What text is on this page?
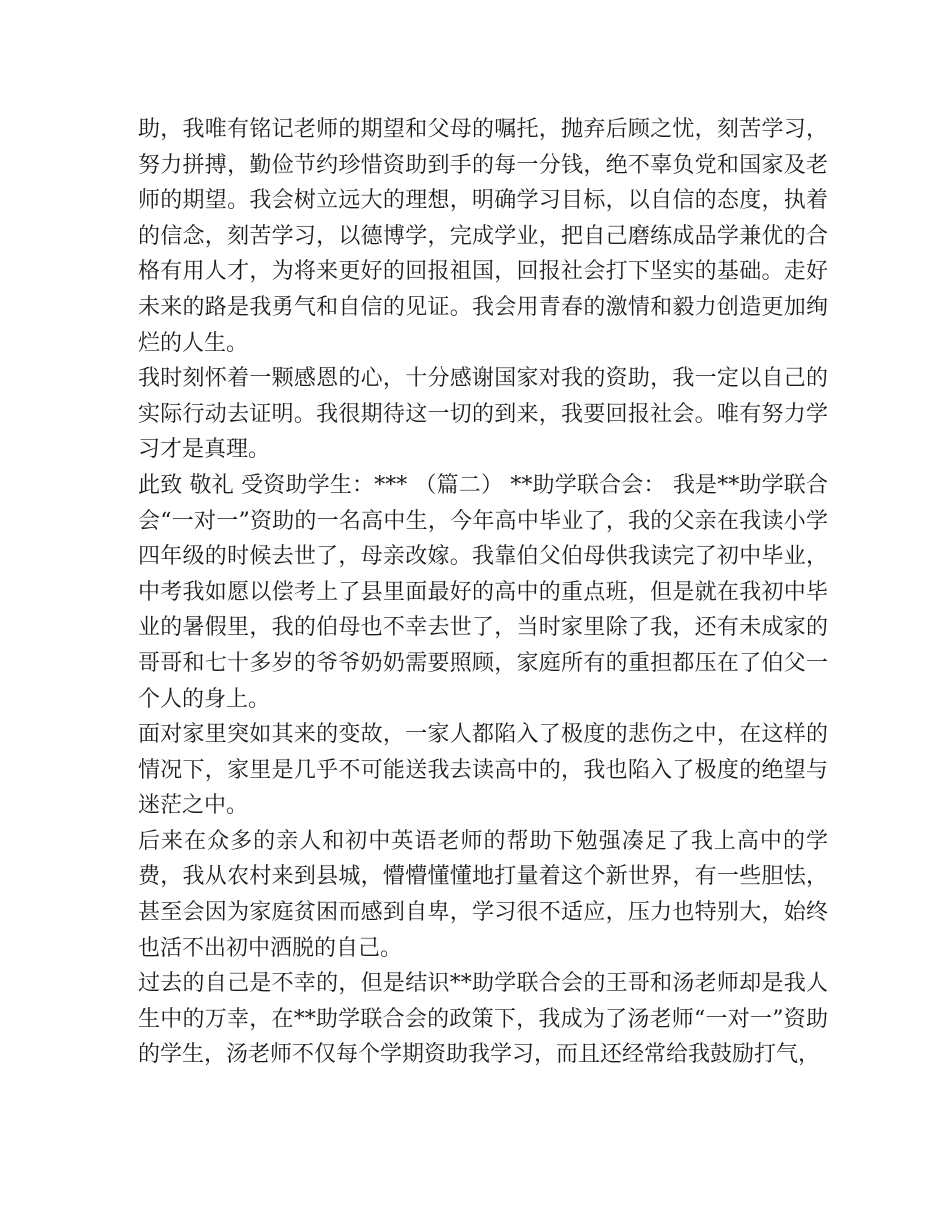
助，我唯有铭记老师的期望和父母的嘱托，抛弃后顾之忧，刻苦学习，努力拼搏，勤俭节约珍惜资助到手的每一分钱，绝不辜负党和国家及老师的期望。我会树立远大的理想，明确学习目标，以自信的态度，执着的信念，刻苦学习，以德博学，完成学业，把自己磨练成品学兼优的合格有用人才，为将来更好的回报祖国，回报社会打下坚实的基础。走好未来的路是我勇气和自信的见证。我会用青春的激情和毅力创造更加绚烂的人生。

我时刻怀着一颗感恩的心，十分感谢国家对我的资助，我一定以自己的实际行动去证明。我很期待这一切的到来，我要回报社会。唯有努力学习才是真理。

此致 敬礼 受资助学生：*** （篇二） **助学联合会： 我是**助学联合会“一对一”资助的一名高中生，今年高中毕业了，我的父亲在我读小学四年级的时候去世了，母亲改嫁。我靠伯父伯母供我读完了初中毕业，中考我如愿以偿考上了县里面最好的高中的重点班，但是就在我初中毕业的暑假里，我的伯母也不幸去世了，当时家里除了我，还有未成家的哥哥和七十多岁的爷爷奶奶需要照顾，家庭所有的重担都压在了伯父一个人的身上。

面对家里突如其来的变故，一家人都陷入了极度的悲伤之中，在这样的情况下，家里是几乎不可能送我去读高中的，我也陷入了极度的绝望与迷茫之中。

后来在众多的亲人和初中英语老师的帮助下勉强凑足了我上高中的学费，我从农村来到县城，懵懵懂懂地打量着这个新世界，有一些胆怯，甚至会因为家庭贫困而感到自卑，学习很不适应，压力也特别大，始终也活不出初中洒脱的自己。

过去的自己是不幸的，但是结识**助学联合会的王哥和汤老师却是我人生中的万幸，在**助学联合会的政策下，我成为了汤老师“一对一”资助的学生，汤老师不仅每个学期资助我学习，而且还经常给我鼓励打气，
